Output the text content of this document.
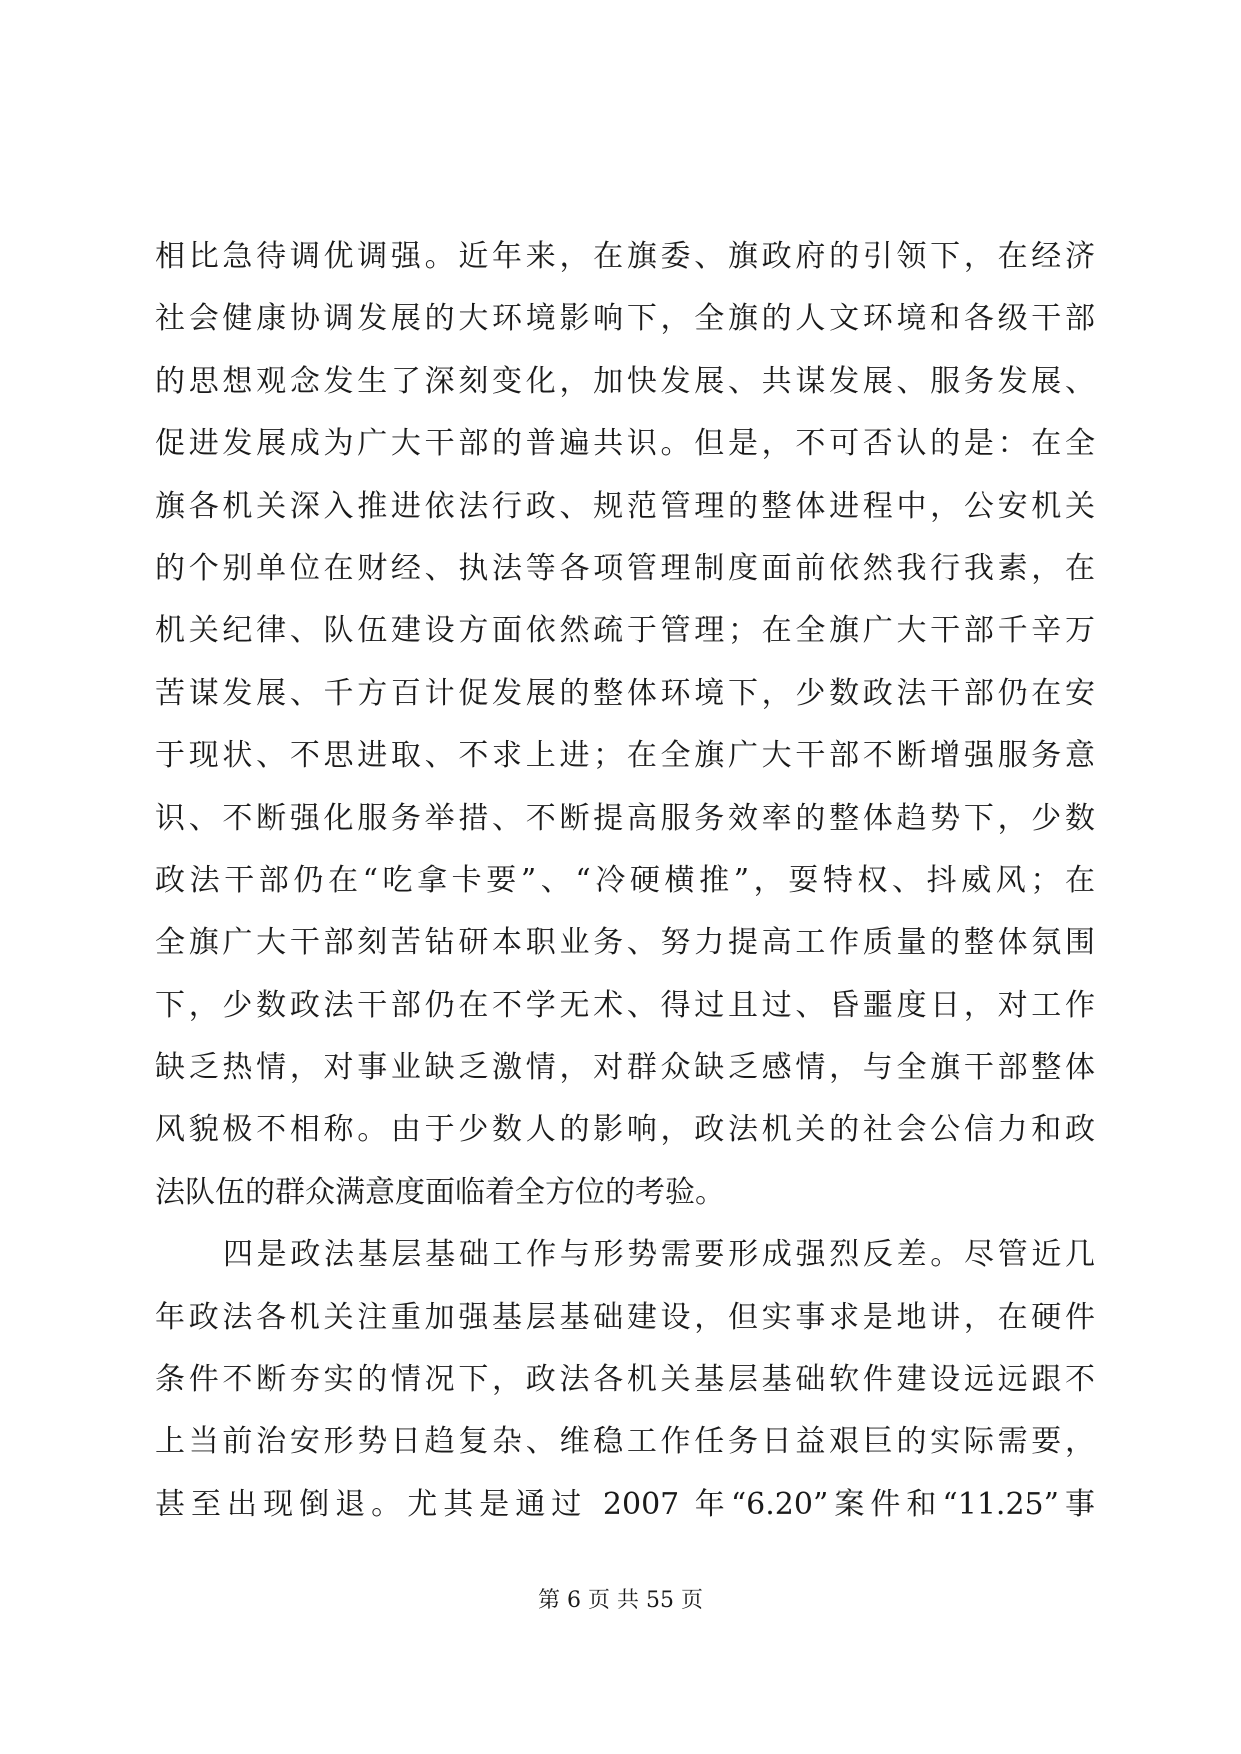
相比急待调优调强。近年来，在旗委、旗政府的引领下，在经济
社会健康协调发展的大环境影响下，全旗的人文环境和各级干部
的思想观念发生了深刻变化，加快发展、共谋发展、服务发展、
促进发展成为广大干部的普遍共识。但是，不可否认的是：在全
旗各机关深入推进依法行政、规范管理的整体进程中，公安机关
的个别单位在财经、执法等各项管理制度面前依然我行我素，在
机关纪律、队伍建设方面依然疏于管理；在全旗广大干部千辛万
苦谋发展、千方百计促发展的整体环境下，少数政法干部仍在安
于现状、不思进取、不求上进；在全旗广大干部不断增强服务意
识、不断强化服务举措、不断提高服务效率的整体趋势下，少数
政法干部仍在“吃拿卡要”、“冷硬横推”，耍特权、抖威风；在
全旗广大干部刻苦钻研本职业务、努力提高工作质量的整体氛围
下，少数政法干部仍在不学无术、得过且过、昏噩度日，对工作
缺乏热情，对事业缺乏激情，对群众缺乏感情，与全旗干部整体
风貌极不相称。由于少数人的影响，政法机关的社会公信力和政
法队伍的群众满意度面临着全方位的考验。
四是政法基层基础工作与形势需要形成强烈反差。尽管近几
年政法各机关注重加强基层基础建设，但实事求是地讲，在硬件
条件不断夯实的情况下，政法各机关基层基础软件建设远远跟不
上当前治安形势日趋复杂、维稳工作任务日益艰巨的实际需要，
甚至出现倒退。尤其是通过 2007 年“6.20”案件和“11.25”事
第 6 页 共 55 页
